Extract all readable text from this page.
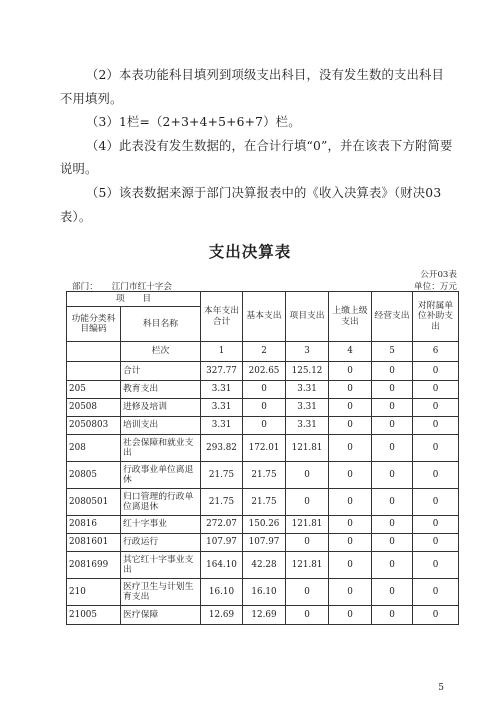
（2）本表功能科目填列到项级支出科目，没有发生数的支出科目不用填列。

（3）1栏=（2+3+4+5+6+7）栏。

（4）此表没有发生数据的，在合计行填“0”，并在该表下方附简要说明。

（5）该表数据来源于部门决算报表中的《收入决算表》（财决03表）。

支出决算表
公开03表
部门： 江门市红十字会	单位：万元
项　　目		本年支出合计	基本支出	项目支出	上缴上级支出	经营支出	对附属单位补助支出
功能分类科目编码	科目名称						
	栏次	1	2	3	4	5	6
	合计	327.77	202.65	125.12	0	0	0
205	教育支出	3.31	0	3.31	0	0	0
20508	进修及培训	3.31	0	3.31	0	0	0
2050803	培训支出	3.31	0	3.31	0	0	0
208	社会保障和就业支出	293.82	172.01	121.81	0	0	0
20805	行政事业单位离退休	21.75	21.75	0	0	0	0
2080501	归口管理的行政单位离退休	21.75	21.75	0	0	0	0
20816	红十字事业	272.07	150.26	121.81	0	0	0
2081601	行政运行	107.97	107.97	0	0	0	0
2081699	其它红十字事业支出	164.10	42.28	121.81	0	0	0
210	医疗卫生与计划生育支出	16.10	16.10	0	0	0	0
21005	医疗保障	12.69	12.69	0	0	0	0
5
